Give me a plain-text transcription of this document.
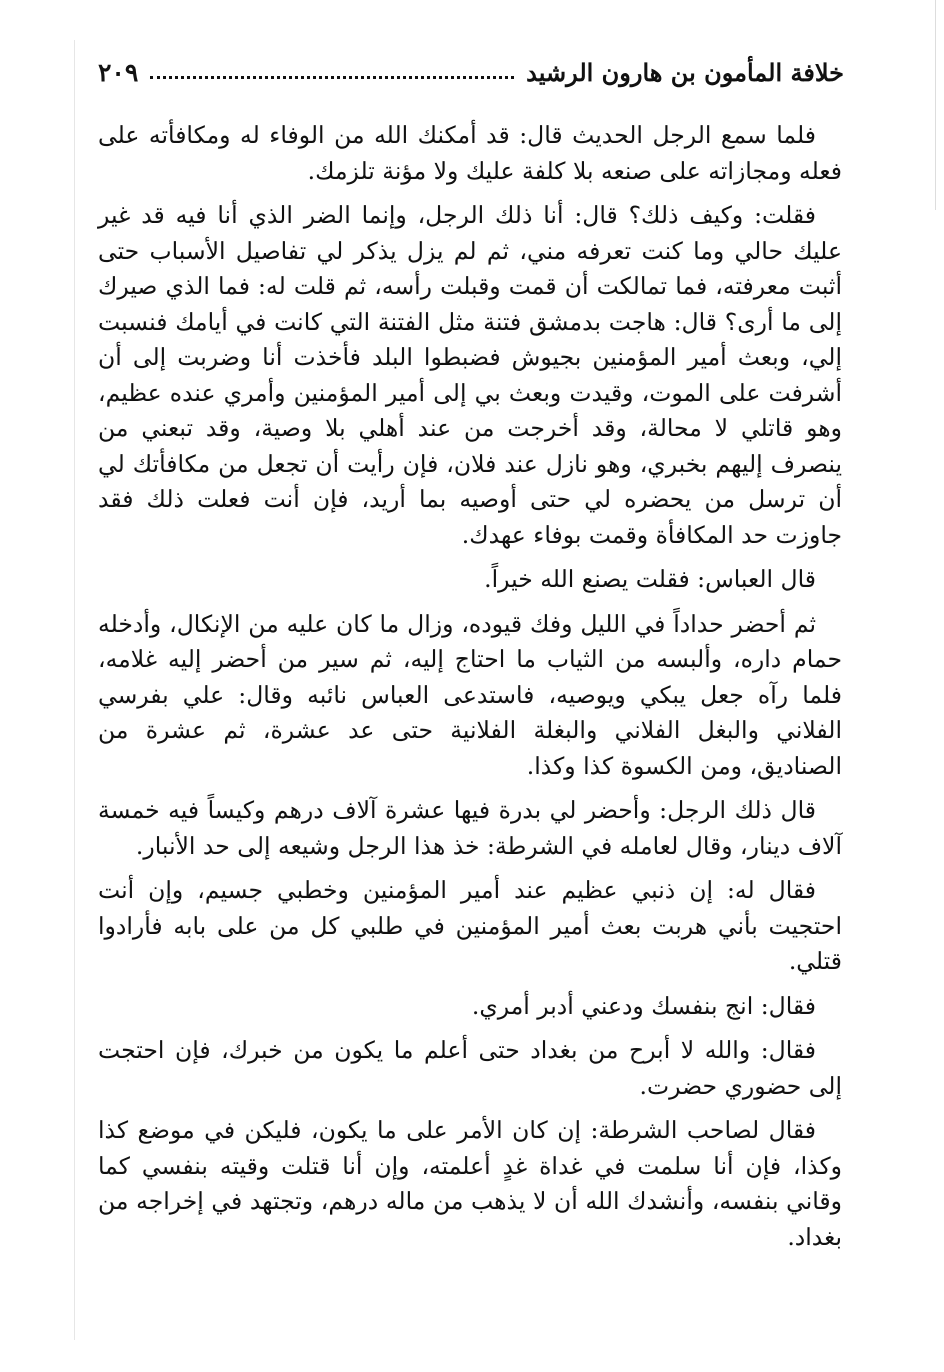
خلافة المأمون بن هارون الرشيد
٢٠٩

فلما سمع الرجل الحديث قال: قد أمكنك الله من الوفاء له ومكافأته على فعله ومجازاته على صنعه بلا كلفة عليك ولا مؤنة تلزمك.

فقلت: وكيف ذلك؟ قال: أنا ذلك الرجل، وإنما الضر الذي أنا فيه قد غير عليك حالي وما كنت تعرفه مني، ثم لم يزل يذكر لي تفاصيل الأسباب حتى أثبت معرفته، فما تمالكت أن قمت وقبلت رأسه، ثم قلت له: فما الذي صيرك إلى ما أرى؟ قال: هاجت بدمشق فتنة مثل الفتنة التي كانت في أيامك فنسبت إلي، وبعث أمير المؤمنين بجيوش فضبطوا البلد فأخذت أنا وضربت إلى أن أشرفت على الموت، وقيدت وبعث بي إلى أمير المؤمنين وأمري عنده عظيم، وهو قاتلي لا محالة، وقد أخرجت من عند أهلي بلا وصية، وقد تبعني من ينصرف إليهم بخبري، وهو نازل عند فلان، فإن رأيت أن تجعل من مكافأتك لي أن ترسل من يحضره لي حتى أوصيه بما أريد، فإن أنت فعلت ذلك فقد جاوزت حد المكافأة وقمت بوفاء عهدك.

قال العباس: فقلت يصنع الله خيراً.

ثم أحضر حداداً في الليل وفك قيوده، وزال ما كان عليه من الإنكال، وأدخله حمام داره، وألبسه من الثياب ما احتاج إليه، ثم سير من أحضر إليه غلامه، فلما رآه جعل يبكي ويوصيه، فاستدعى العباس نائبه وقال: علي بفرسي الفلاني والبغل الفلاني والبغلة الفلانية حتى عد عشرة، ثم عشرة من الصناديق، ومن الكسوة كذا وكذا.

قال ذلك الرجل: وأحضر لي بدرة فيها عشرة آلاف درهم وكيساً فيه خمسة آلاف دينار، وقال لعامله في الشرطة: خذ هذا الرجل وشيعه إلى حد الأنبار.

فقال له: إن ذنبي عظيم عند أمير المؤمنين وخطبي جسيم، وإن أنت احتجيت بأني هربت بعث أمير المؤمنين في طلبي كل من على بابه فأرادوا قتلي.

فقال: انج بنفسك ودعني أدبر أمري.

فقال: والله لا أبرح من بغداد حتى أعلم ما يكون من خبرك، فإن احتجت إلى حضوري حضرت.

فقال لصاحب الشرطة: إن كان الأمر على ما يكون، فليكن في موضع كذا وكذا، فإن أنا سلمت في غداة غدٍ أعلمته، وإن أنا قتلت وقيته بنفسي كما وقاني بنفسه، وأنشدك الله أن لا يذهب من ماله درهم، وتجتهد في إخراجه من بغداد.
